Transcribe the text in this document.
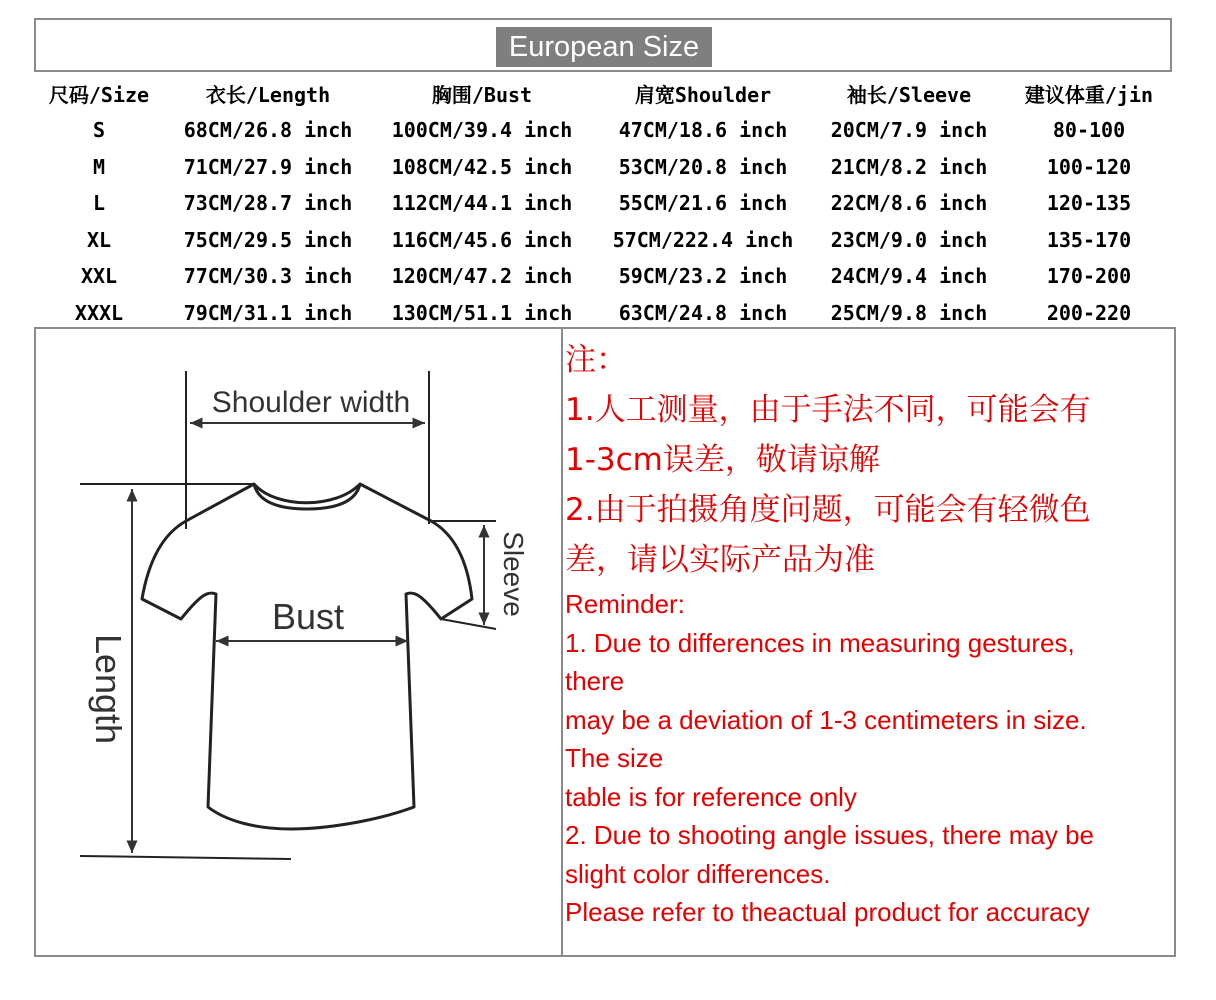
European Size
尺码/Size	衣长/Length	胸围/Bust	肩宽Shoulder	袖长/Sleeve	建议体重/jin
S	68CM/26.8 inch	100CM/39.4 inch	47CM/18.6 inch	20CM/7.9 inch	80-100
M	71CM/27.9 inch	108CM/42.5 inch	53CM/20.8 inch	21CM/8.2 inch	100-120
L	73CM/28.7 inch	112CM/44.1 inch	55CM/21.6 inch	22CM/8.6 inch	120-135
XL	75CM/29.5 inch	116CM/45.6 inch	57CM/222.4 inch	23CM/9.0 inch	135-170
XXL	77CM/30.3 inch	120CM/47.2 inch	59CM/23.2 inch	24CM/9.4 inch	170-200
XXXL	79CM/31.1 inch	130CM/51.1 inch	63CM/24.8 inch	25CM/9.8 inch	200-220
Shoulder width
Length
Sleeve
Bust
注：
1.人工测量，由于手法不同，可能会有
1-3cm误差，敬请谅解
2.由于拍摄角度问题，可能会有轻微色
差，请以实际产品为准
Reminder:
1. Due to differences in measuring gestures,
there
may be a deviation of 1-3 centimeters in size.
The size
table is for reference only
2. Due to shooting angle issues, there may be
slight color differences.
Please refer to theactual product for accuracy
